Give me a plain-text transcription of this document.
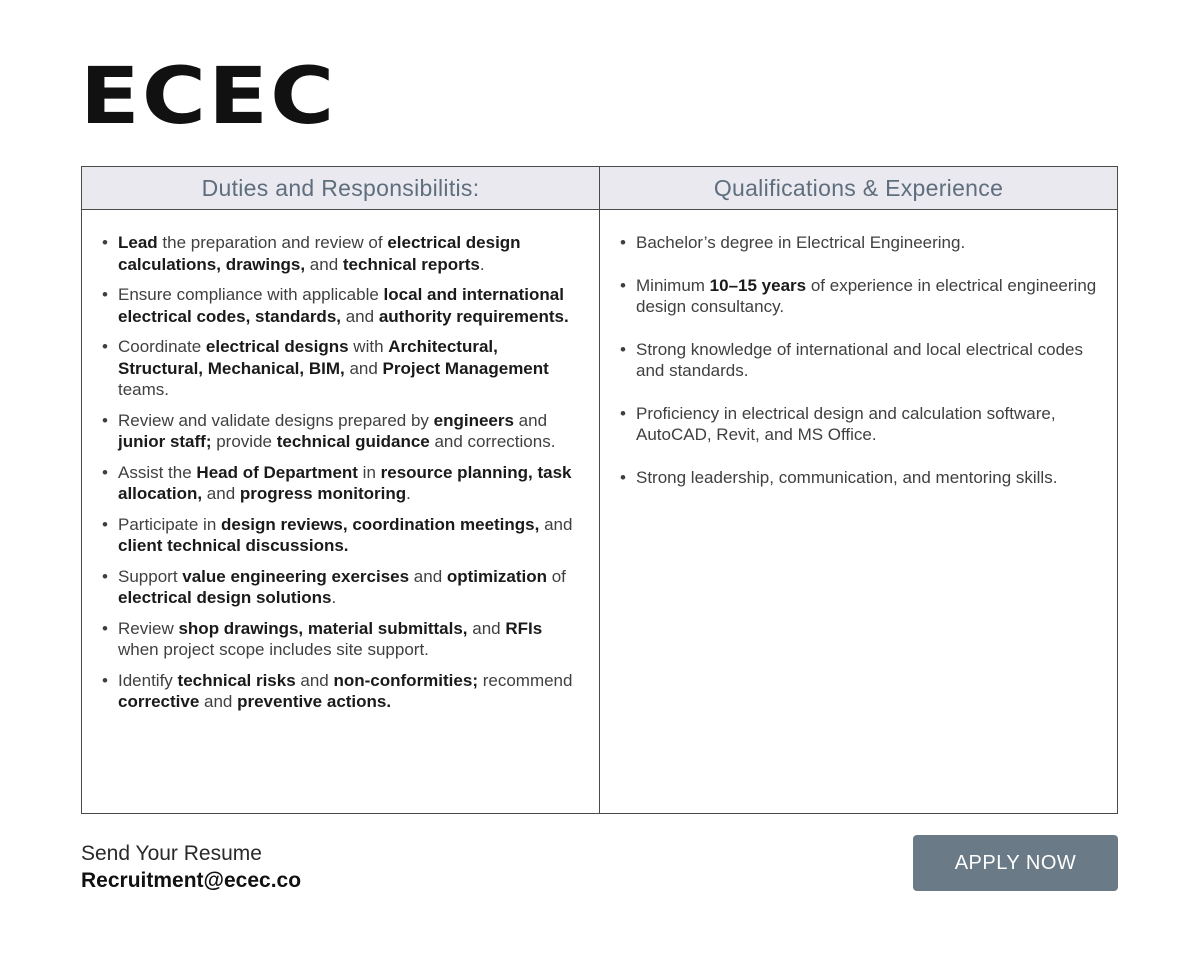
ECEC
Duties and Responsibilitis:	Qualifications & Experience
• Lead the preparation and review of electrical design calculations, drawings, and technical reports.
• Ensure compliance with applicable local and international electrical codes, standards, and authority requirements.
• Coordinate electrical designs with Architectural, Structural, Mechanical, BIM, and Project Management teams.
• Review and validate designs prepared by engineers and junior staff; provide technical guidance and corrections.
• Assist the Head of Department in resource planning, task allocation, and progress monitoring.
• Participate in design reviews, coordination meetings, and client technical discussions.
• Support value engineering exercises and optimization of electrical design solutions.
• Review shop drawings, material submittals, and RFIs when project scope includes site support.
• Identify technical risks and non-conformities; recommend corrective and preventive actions.
• Bachelor’s degree in Electrical Engineering.
• Minimum 10–15 years of experience in electrical engineering design consultancy.
• Strong knowledge of international and local electrical codes and standards.
• Proficiency in electrical design and calculation software, AutoCAD, Revit, and MS Office.
• Strong leadership, communication, and mentoring skills.
Send Your Resume
Recruitment@ecec.co
APPLY NOW
